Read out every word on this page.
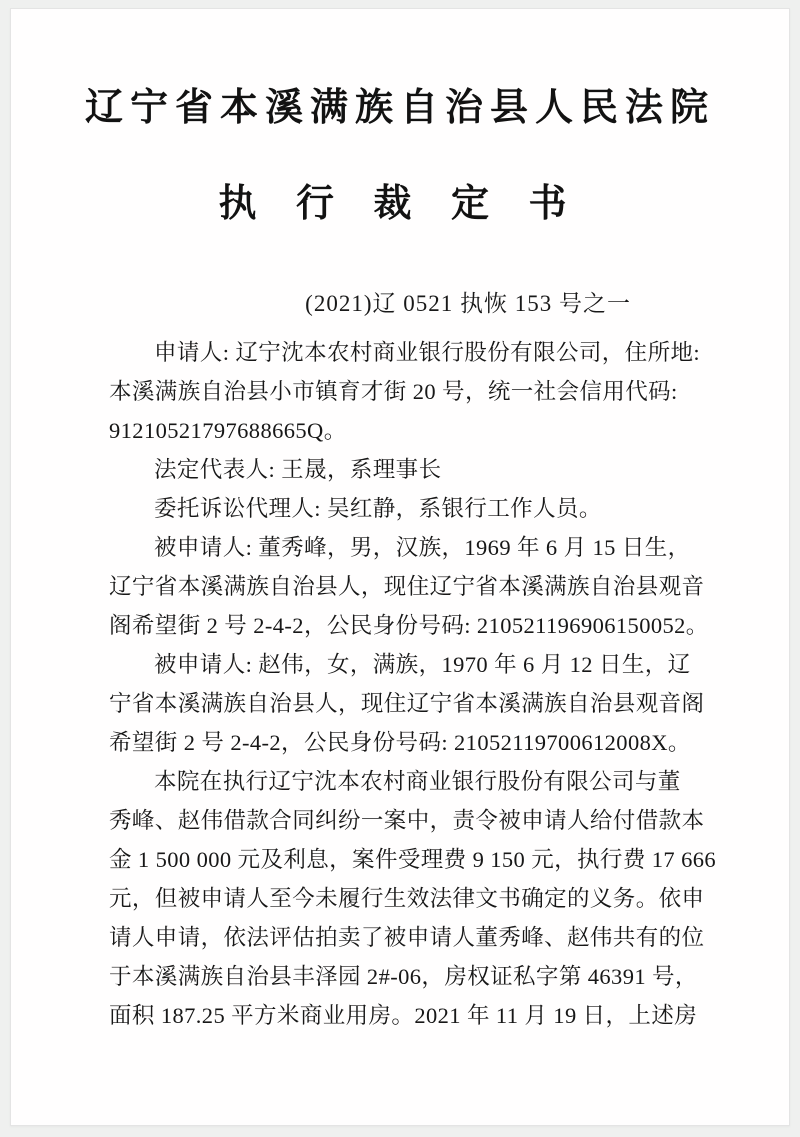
辽宁省本溪满族自治县人民法院
执 行 裁 定 书
(2021)辽 0521 执恢 153 号之一
申请人: 辽宁沈本农村商业银行股份有限公司，住所地:
本溪满族自治县小市镇育才街 20 号，统一社会信用代码:
91210521797688665Q。
法定代表人: 王晟，系理事长
委托诉讼代理人: 吴红静，系银行工作人员。
被申请人: 董秀峰，男，汉族，1969 年 6 月 15 日生，
辽宁省本溪满族自治县人，现住辽宁省本溪满族自治县观音
阁希望街 2 号 2-4-2，公民身份号码: 210521196906150052。
被申请人: 赵伟，女，满族，1970 年 6 月 12 日生，辽
宁省本溪满族自治县人，现住辽宁省本溪满族自治县观音阁
希望街 2 号 2-4-2，公民身份号码: 21052119700612008X。
本院在执行辽宁沈本农村商业银行股份有限公司与董
秀峰、赵伟借款合同纠纷一案中，责令被申请人给付借款本
金 1 500 000 元及利息，案件受理费 9 150 元，执行费 17 666
元，但被申请人至今未履行生效法律文书确定的义务。依申
请人申请，依法评估拍卖了被申请人董秀峰、赵伟共有的位
于本溪满族自治县丰泽园 2#-06，房权证私字第 46391 号，
面积 187.25 平方米商业用房。2021 年 11 月 19 日，上述房
